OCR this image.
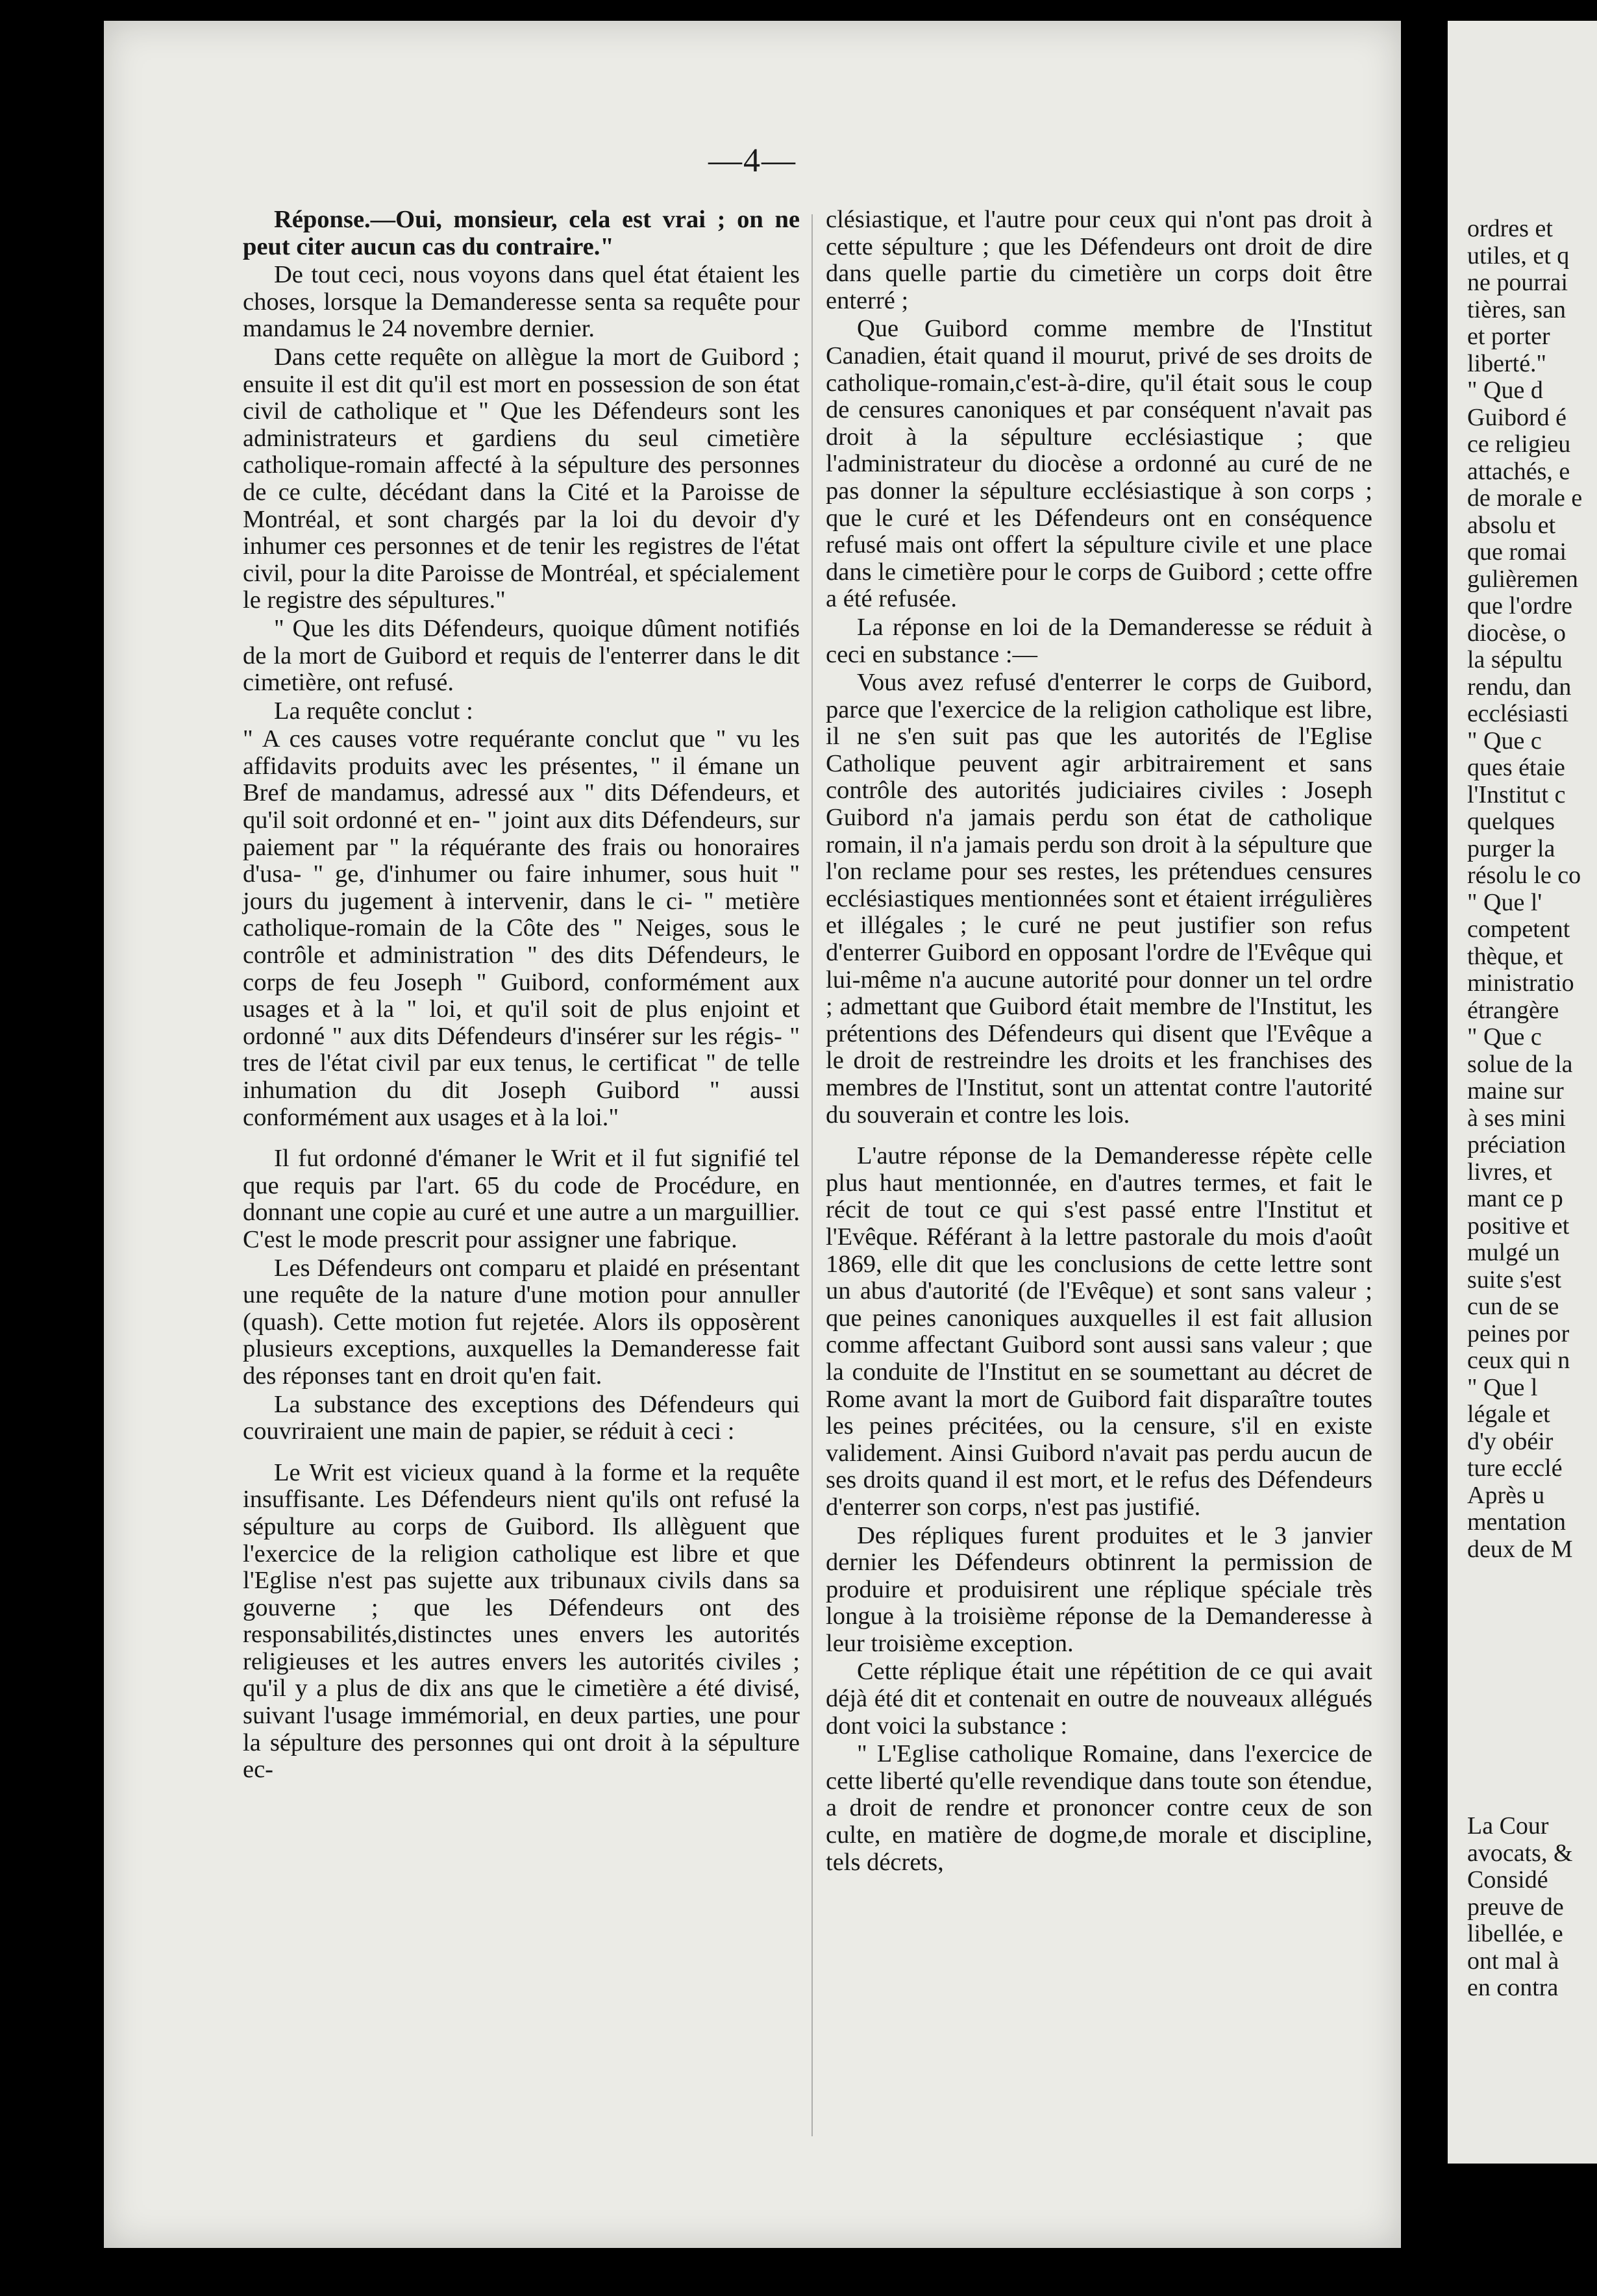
—4—

Réponse.—Oui, monsieur, cela est vrai ; on ne peut citer aucun cas du contraire."

De tout ceci, nous voyons dans quel état étaient les choses, lorsque la Demanderesse senta sa requête pour mandamus le 24 novembre dernier.

Dans cette requête on allègue la mort de Guibord ; ensuite il est dit qu'il est mort en possession de son état civil de catholique et " Que les Défendeurs sont les administrateurs et gardiens du seul cimetière catholique-romain affecté à la sépulture des personnes de ce culte, décédant dans la Cité et la Paroisse de Montréal, et sont chargés par la loi du devoir d'y inhumer ces personnes et de tenir les registres de l'état civil, pour la dite Paroisse de Montréal, et spécialement le registre des sépultures."

" Que les dits Défendeurs, quoique dûment notifiés de la mort de Guibord et requis de l'enterrer dans le dit cimetière, ont refusé.

La requête conclut :

" A ces causes votre requérante conclut que " vu les affidavits produits avec les présentes, " il émane un Bref de mandamus, adressé aux " dits Défendeurs, et qu'il soit ordonné et en- " joint aux dits Défendeurs, sur paiement par " la réquérante des frais ou honoraires d'usa- " ge, d'inhumer ou faire inhumer, sous huit " jours du jugement à intervenir, dans le ci- " metière catholique-romain de la Côte des " Neiges, sous le contrôle et administration " des dits Défendeurs, le corps de feu Joseph " Guibord, conformément aux usages et à la " loi, et qu'il soit de plus enjoint et ordonné " aux dits Défendeurs d'insérer sur les régis- " tres de l'état civil par eux tenus, le certificat " de telle inhumation du dit Joseph Guibord " aussi conformément aux usages et à la loi."

Il fut ordonné d'émaner le Writ et il fut signifié tel que requis par l'art. 65 du code de Procédure, en donnant une copie au curé et une autre a un marguillier. C'est le mode prescrit pour assigner une fabrique.

Les Défendeurs ont comparu et plaidé en présentant une requête de la nature d'une motion pour annuller (quash). Cette motion fut rejetée. Alors ils opposèrent plusieurs exceptions, auxquelles la Demanderesse fait des réponses tant en droit qu'en fait.

La substance des exceptions des Défendeurs qui couvriraient une main de papier, se réduit à ceci :

Le Writ est vicieux quand à la forme et la requête insuffisante. Les Défendeurs nient qu'ils ont refusé la sépulture au corps de Guibord. Ils allèguent que l'exercice de la religion catholique est libre et que l'Eglise n'est pas sujette aux tribunaux civils dans sa gouverne ; que les Défendeurs ont des responsabilités,distinctes unes envers les autorités religieuses et les autres envers les autorités civiles ; qu'il y a plus de dix ans que le cimetière a été divisé, suivant l'usage immémorial, en deux parties, une pour la sépulture des personnes qui ont droit à la sépulture ec-

clésiastique, et l'autre pour ceux qui n'ont pas droit à cette sépulture ; que les Défendeurs ont droit de dire dans quelle partie du cimetière un corps doit être enterré ;

Que Guibord comme membre de l'Institut Canadien, était quand il mourut, privé de ses droits de catholique-romain,c'est-à-dire, qu'il était sous le coup de censures canoniques et par conséquent n'avait pas droit à la sépulture ecclésiastique ; que l'administrateur du diocèse a ordonné au curé de ne pas donner la sépulture ecclésiastique à son corps ; que le curé et les Défendeurs ont en conséquence refusé mais ont offert la sépulture civile et une place dans le cimetière pour le corps de Guibord ; cette offre a été refusée.

La réponse en loi de la Demanderesse se réduit à ceci en substance :—

Vous avez refusé d'enterrer le corps de Guibord, parce que l'exercice de la religion catholique est libre, il ne s'en suit pas que les autorités de l'Eglise Catholique peuvent agir arbitrairement et sans contrôle des autorités judiciaires civiles : Joseph Guibord n'a jamais perdu son état de catholique romain, il n'a jamais perdu son droit à la sépulture que l'on reclame pour ses restes, les prétendues censures ecclésiastiques mentionnées sont et étaient irrégulières et illégales ; le curé ne peut justifier son refus d'enterrer Guibord en opposant l'ordre de l'Evêque qui lui-même n'a aucune autorité pour donner un tel ordre ; admettant que Guibord était membre de l'Institut, les prétentions des Défendeurs qui disent que l'Evêque a le droit de restreindre les droits et les franchises des membres de l'Institut, sont un attentat contre l'autorité du souverain et contre les lois.

L'autre réponse de la Demanderesse répète celle plus haut mentionnée, en d'autres termes, et fait le récit de tout ce qui s'est passé entre l'Institut et l'Evêque. Référant à la lettre pastorale du mois d'août 1869, elle dit que les conclusions de cette lettre sont un abus d'autorité (de l'Evêque) et sont sans valeur ; que peines canoniques auxquelles il est fait allusion comme affectant Guibord sont aussi sans valeur ; que la conduite de l'Institut en se soumettant au décret de Rome avant la mort de Guibord fait disparaître toutes les peines précitées, ou la censure, s'il en existe validement. Ainsi Guibord n'avait pas perdu aucun de ses droits quand il est mort, et le refus des Défendeurs d'enterrer son corps, n'est pas justifié.

Des répliques furent produites et le 3 janvier dernier les Défendeurs obtinrent la permission de produire et produisirent une réplique spéciale très longue à la troisième réponse de la Demanderesse à leur troisième exception.

Cette réplique était une répétition de ce qui avait déjà été dit et contenait en outre de nouveaux allégués dont voici la substance :

" L'Eglise catholique Romaine, dans l'exercice de cette liberté qu'elle revendique dans toute son étendue, a droit de rendre et prononcer contre ceux de son culte, en matière de dogme,de morale et discipline, tels décrets,

ordres et
utiles, et q
ne pourrai
tières, san
et porter
liberté."
" Que d
Guibord é
ce religieu
attachés, e
de morale e
absolu et
que romai
gulièremen
que l'ordre
diocèse, o
la sépultu
rendu, dan
ecclésiasti
" Que c
ques étaie
l'Institut c
quelques
purger la
résolu le co
" Que l'
competent
thèque, et
ministratio
étrangère
" Que c
solue de la
maine sur
à ses mini
préciation
livres, et
mant ce p
positive et
mulgé un
suite s'est
cun de se
peines por
ceux qui n
" Que l
légale et
d'y obéir
ture ecclé
Après u
mentation
deux de M
La Cour
avocats, &
Considé
preuve de
libellée, e
ont mal à
en contra
